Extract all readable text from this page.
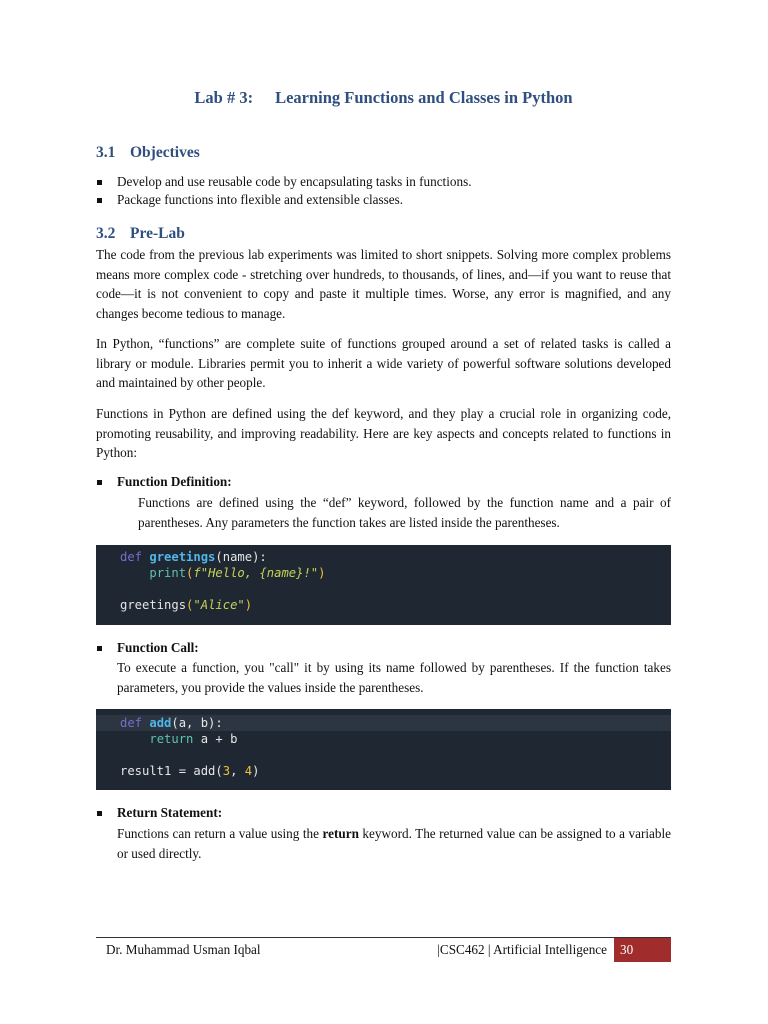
Lab # 3: Learning Functions and Classes in Python
3.1 Objectives
Develop and use reusable code by encapsulating tasks in functions.
Package functions into flexible and extensible classes.
3.2 Pre-Lab

The code from the previous lab experiments was limited to short snippets. Solving more complex problems means more complex code - stretching over hundreds, to thousands, of lines, and—if you want to reuse that code—it is not convenient to copy and paste it multiple times. Worse, any error is magnified, and any changes become tedious to manage.

In Python, “functions” are complete suite of functions grouped around a set of related tasks is called a library or module. Libraries permit you to inherit a wide variety of powerful software solutions developed and maintained by other people.

Functions in Python are defined using the def keyword, and they play a crucial role in organizing code, promoting reusability, and improving readability. Here are key aspects and concepts related to functions in Python:

Function Definition:

Functions are defined using the “def” keyword, followed by the function name and a pair of parentheses. Any parameters the function takes are listed inside the parentheses.

def greetings(name):
print(f"Hello, {name}!")
greetings("Alice")
Function Call:

To execute a function, you "call" it by using its name followed by parentheses. If the function takes parameters, you provide the values inside the parentheses.

def add(a, b):
return a + b
result1 = add(3, 4)
Return Statement:

Functions can return a value using the return keyword. The returned value can be assigned to a variable or used directly.

Dr. Muhammad Usman Iqbal	|CSC462 | Artificial Intelligence 30
